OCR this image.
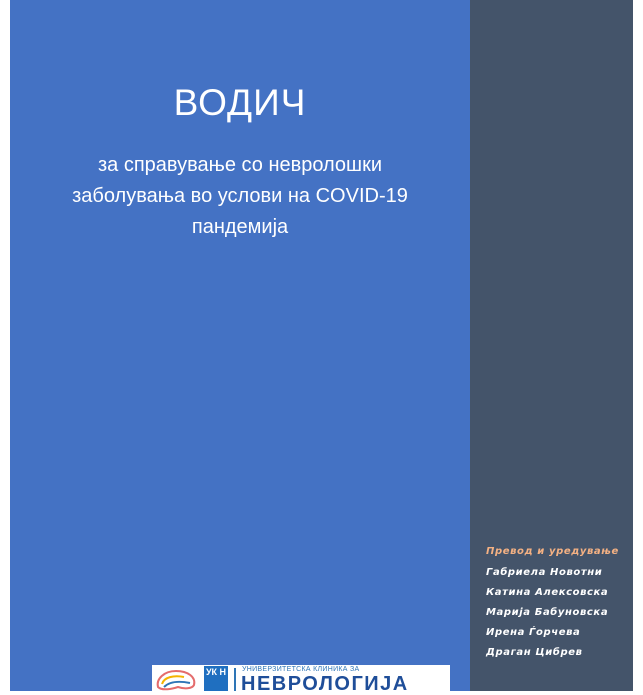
ВОДИЧ
за справување со невролошки
заболувања во услови на COVID-19
пандемија
УК Н УНИВЕРЗИТЕТСКА КЛИНИКА ЗА
НЕВРОЛОГИЈА
Превод и уредување
Габриела Новотни
Катина Алексовска
Марија Бабуновска
Ирена Ѓорчева
Драган Цибрев
